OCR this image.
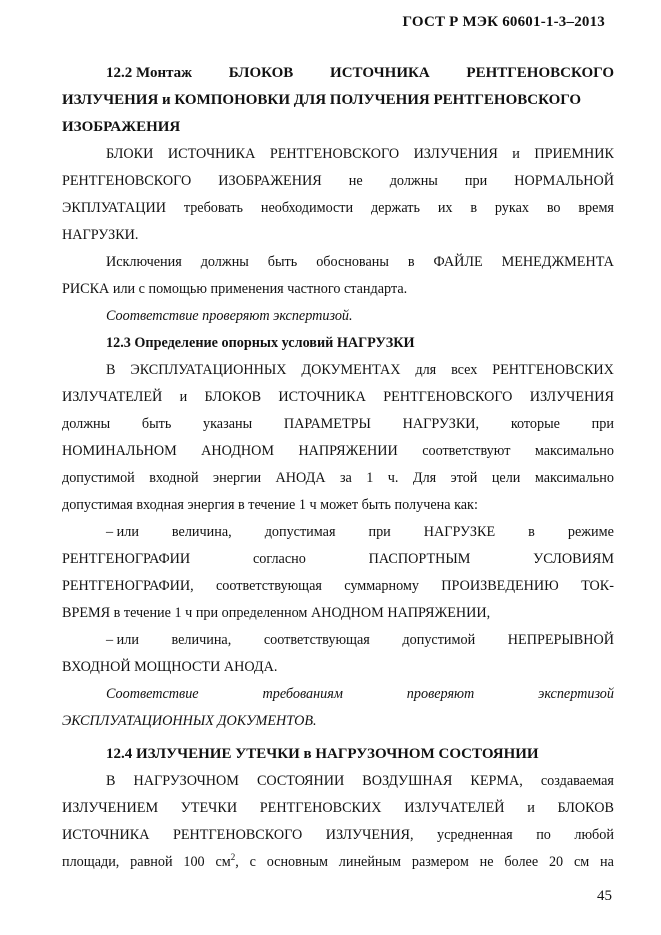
ГОСТ Р МЭК 60601-1-3–2013
12.2 Монтаж БЛОКОВ ИСТОЧНИКА РЕНТГЕНОВСКОГО
ИЗЛУЧЕНИЯ и КОМПОНОВКИ ДЛЯ ПОЛУЧЕНИЯ РЕНТГЕНОВСКОГО
ИЗОБРАЖЕНИЯ
БЛОКИ ИСТОЧНИКА РЕНТГЕНОВСКОГО ИЗЛУЧЕНИЯ и ПРИЕМНИК
РЕНТГЕНОВСКОГО ИЗОБРАЖЕНИЯ не должны при НОРМАЛЬНОЙ
ЭКПЛУАТАЦИИ требовать необходимости держать их в руках во время
НАГРУЗКИ.
Исключения должны быть обоснованы в ФАЙЛЕ МЕНЕДЖМЕНТА
РИСКА или с помощью применения частного стандарта.
Соответствие проверяют экспертизой.
12.3 Определение опорных условий НАГРУЗКИ
В ЭКСПЛУАТАЦИОННЫХ ДОКУМЕНТАХ для всех РЕНТГЕНОВСКИХ
ИЗЛУЧАТЕЛЕЙ и БЛОКОВ ИСТОЧНИКА РЕНТГЕНОВСКОГО ИЗЛУЧЕНИЯ
должны быть указаны ПАРАМЕТРЫ НАГРУЗКИ, которые при
НОМИНАЛЬНОМ АНОДНОМ НАПРЯЖЕНИИ соответствуют максимально
допустимой входной энергии АНОДА за 1 ч. Для этой цели максимально
допустимая входная энергия в течение 1 ч может быть получена как:
– или величина, допустимая при НАГРУЗКЕ в режиме
РЕНТГЕНОГРАФИИ	согласно	ПАСПОРТНЫМ	УСЛОВИЯМ
РЕНТГЕНОГРАФИИ, соответствующая суммарному ПРОИЗВЕДЕНИЮ ТОК-
ВРЕМЯ в течение 1 ч при определенном АНОДНОМ НАПРЯЖЕНИИ,
– или величина, соответствующая допустимой НЕПРЕРЫВНОЙ
ВХОДНОЙ МОЩНОСТИ АНОДА.
Соответствие	требованиям	проверяют	экспертизой
ЭКСПЛУАТАЦИОННЫХ ДОКУМЕНТОВ.
12.4 ИЗЛУЧЕНИЕ УТЕЧКИ в НАГРУЗОЧНОМ СОСТОЯНИИ
В НАГРУЗОЧНОМ СОСТОЯНИИ ВОЗДУШНАЯ КЕРМА, создаваемая
ИЗЛУЧЕНИЕМ УТЕЧКИ РЕНТГЕНОВСКИХ ИЗЛУЧАТЕЛЕЙ и БЛОКОВ
ИСТОЧНИКА РЕНТГЕНОВСКОГО ИЗЛУЧЕНИЯ, усредненная по любой
площади, равной 100 $см^2$, с основным линейным размером не более 20 см на
45
